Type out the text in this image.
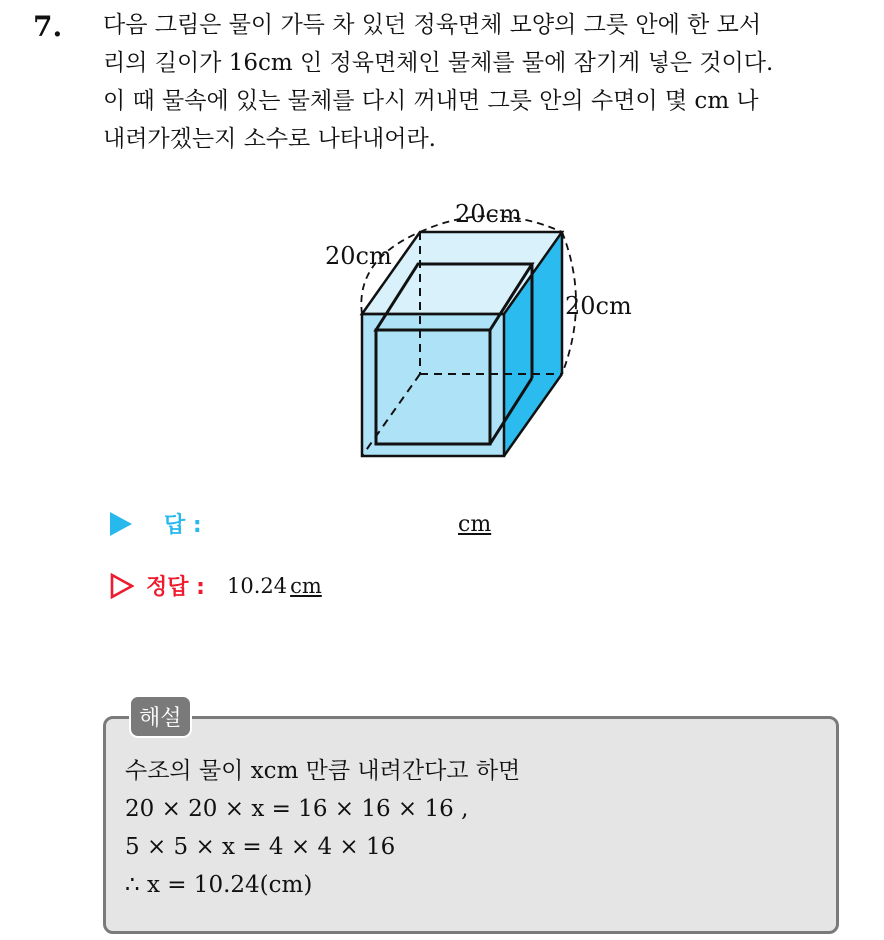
7. 다음 그림은 물이 가득 차 있던 정육면체 모양의 그릇 안에 한 모서
리의 길이가 16cm 인 정육면체인 물체를 물에 잠기게 넣은 것이다.
이 때 물속에 있는 물체를 다시 꺼내면 그릇 안의 수면이 몇 cm 나
내려가겠는지 소수로 나타내어라.
20cm
20cm
20cm
답 :	cm
정답 : 10.24 cm
해설
수조의 물이 xcm 만큼 내려간다고 하면
20 × 20 × x = 16 × 16 × 16 ,
5 × 5 × x = 4 × 4 × 16
∴ x = 10.24(cm)
